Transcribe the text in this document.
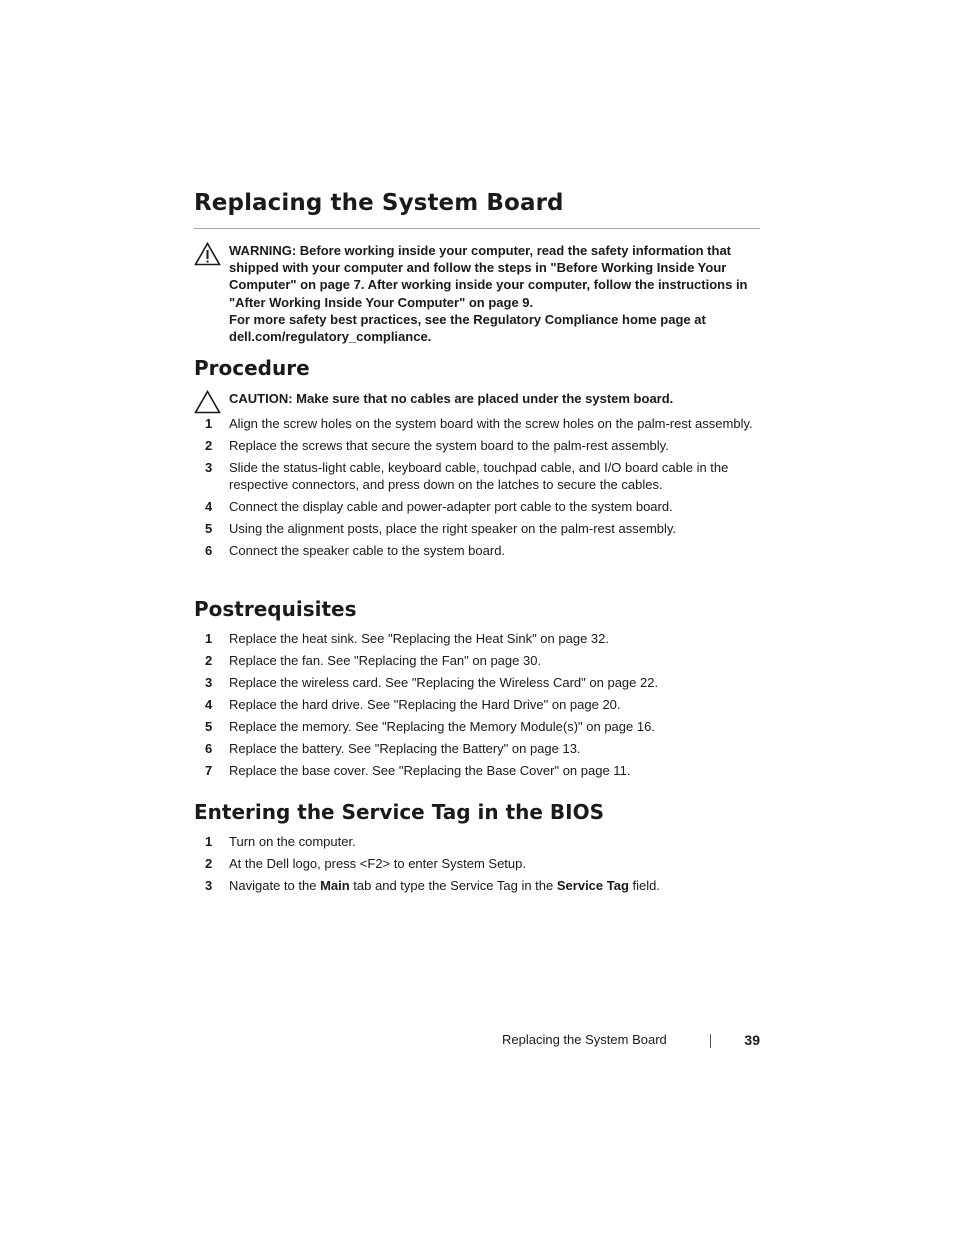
Replacing the System Board

WARNING: Before working inside your computer, read the safety information that shipped with your computer and follow the steps in "Before Working Inside Your Computer" on page 7. After working inside your computer, follow the instructions in "After Working Inside Your Computer" on page 9.

For more safety best practices, see the Regulatory Compliance home page at dell.com/regulatory_compliance.

Procedure

CAUTION: Make sure that no cables are placed under the system board.

1 Align the screw holes on the system board with the screw holes on the palm-rest assembly.
2 Replace the screws that secure the system board to the palm-rest assembly.
3 Slide the status-light cable, keyboard cable, touchpad cable, and I/O board cable in the respective connectors, and press down on the latches to secure the cables.
4 Connect the display cable and power-adapter port cable to the system board.
5 Using the alignment posts, place the right speaker on the palm-rest assembly.
6 Connect the speaker cable to the system board.
Postrequisites
1 Replace the heat sink. See "Replacing the Heat Sink" on page 32.
2 Replace the fan. See "Replacing the Fan" on page 30.
3 Replace the wireless card. See "Replacing the Wireless Card" on page 22.
4 Replace the hard drive. See "Replacing the Hard Drive" on page 20.
5 Replace the memory. See "Replacing the Memory Module(s)" on page 16.
6 Replace the battery. See "Replacing the Battery" on page 13.
7 Replace the base cover. See "Replacing the Base Cover" on page 11.
Entering the Service Tag in the BIOS
1 Turn on the computer.
2 At the Dell logo, press <F2> to enter System Setup.
3 Navigate to the Main tab and type the Service Tag in the Service Tag field.
Replacing the System Board	39
